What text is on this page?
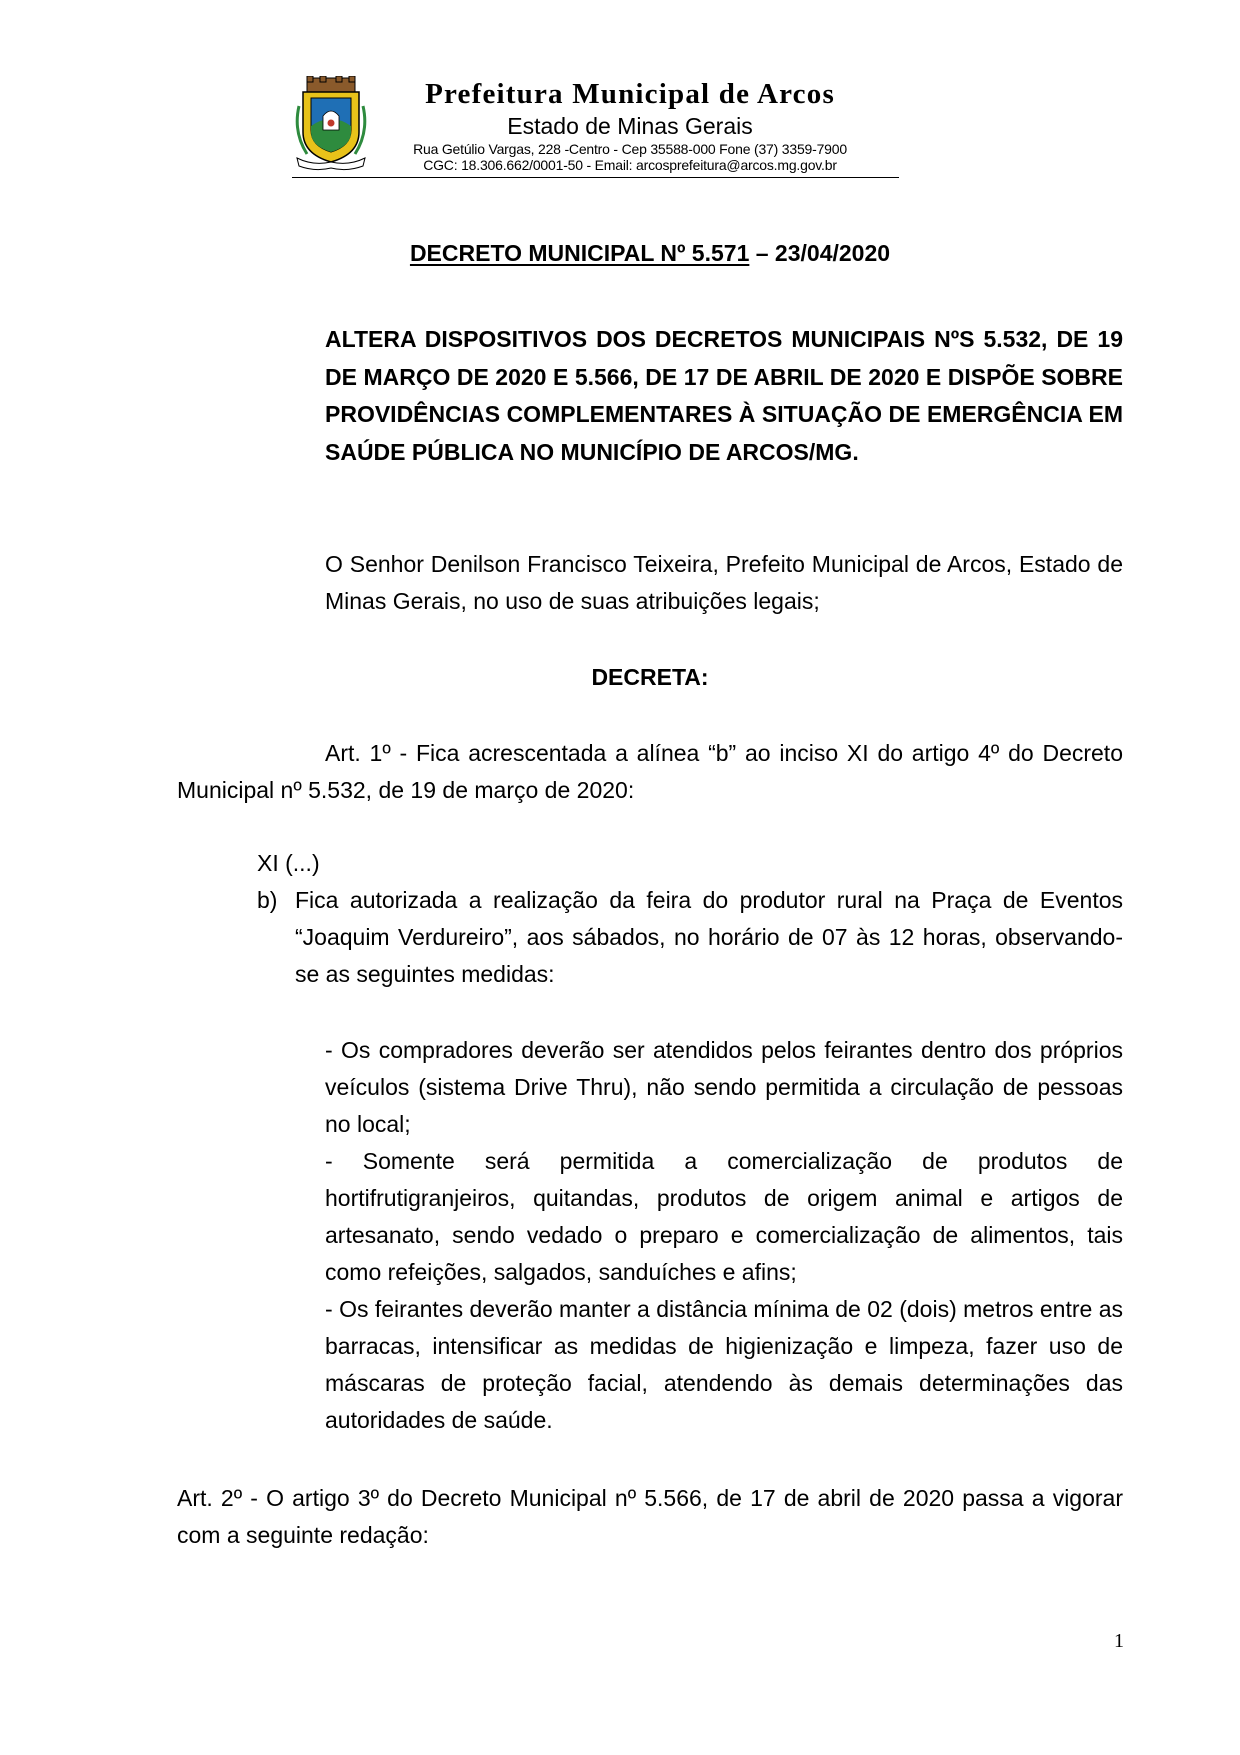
Prefeitura Municipal de Arcos
Estado de Minas Gerais
Rua Getúlio Vargas, 228 -Centro - Cep 35588-000 Fone (37) 3359-7900
CGC: 18.306.662/0001-50 - Email: arcosprefeitura@arcos.mg.gov.br
DECRETO MUNICIPAL Nº 5.571 – 23/04/2020
ALTERA DISPOSITIVOS DOS DECRETOS MUNICIPAIS NºS 5.532, DE 19 DE MARÇO DE 2020 E 5.566, DE 17 DE ABRIL DE 2020 E DISPÕE SOBRE PROVIDÊNCIAS COMPLEMENTARES À SITUAÇÃO DE EMERGÊNCIA EM SAÚDE PÚBLICA NO MUNICÍPIO DE ARCOS/MG.
O Senhor Denilson Francisco Teixeira, Prefeito Municipal de Arcos, Estado de Minas Gerais, no uso de suas atribuições legais;
DECRETA:
Art. 1º - Fica acrescentada a alínea “b” ao inciso XI do artigo 4º do Decreto Municipal nº 5.532, de 19 de março de 2020:
XI (...)
b) Fica autorizada a realização da feira do produtor rural na Praça de Eventos “Joaquim Verdureiro”, aos sábados, no horário de 07 às 12 horas, observando-se as seguintes medidas:

- Os compradores deverão ser atendidos pelos feirantes dentro dos próprios veículos (sistema Drive Thru), não sendo permitida a circulação de pessoas no local;

- Somente será permitida a comercialização de produtos de hortifrutigranjeiros, quitandas, produtos de origem animal e artigos de artesanato, sendo vedado o preparo e comercialização de alimentos, tais como refeições, salgados, sanduíches e afins;

- Os feirantes deverão manter a distância mínima de 02 (dois) metros entre as barracas, intensificar as medidas de higienização e limpeza, fazer uso de máscaras de proteção facial, atendendo às demais determinações das autoridades de saúde.

Art. 2º - O artigo 3º do Decreto Municipal nº 5.566, de 17 de abril de 2020 passa a vigorar com a seguinte redação:
1
